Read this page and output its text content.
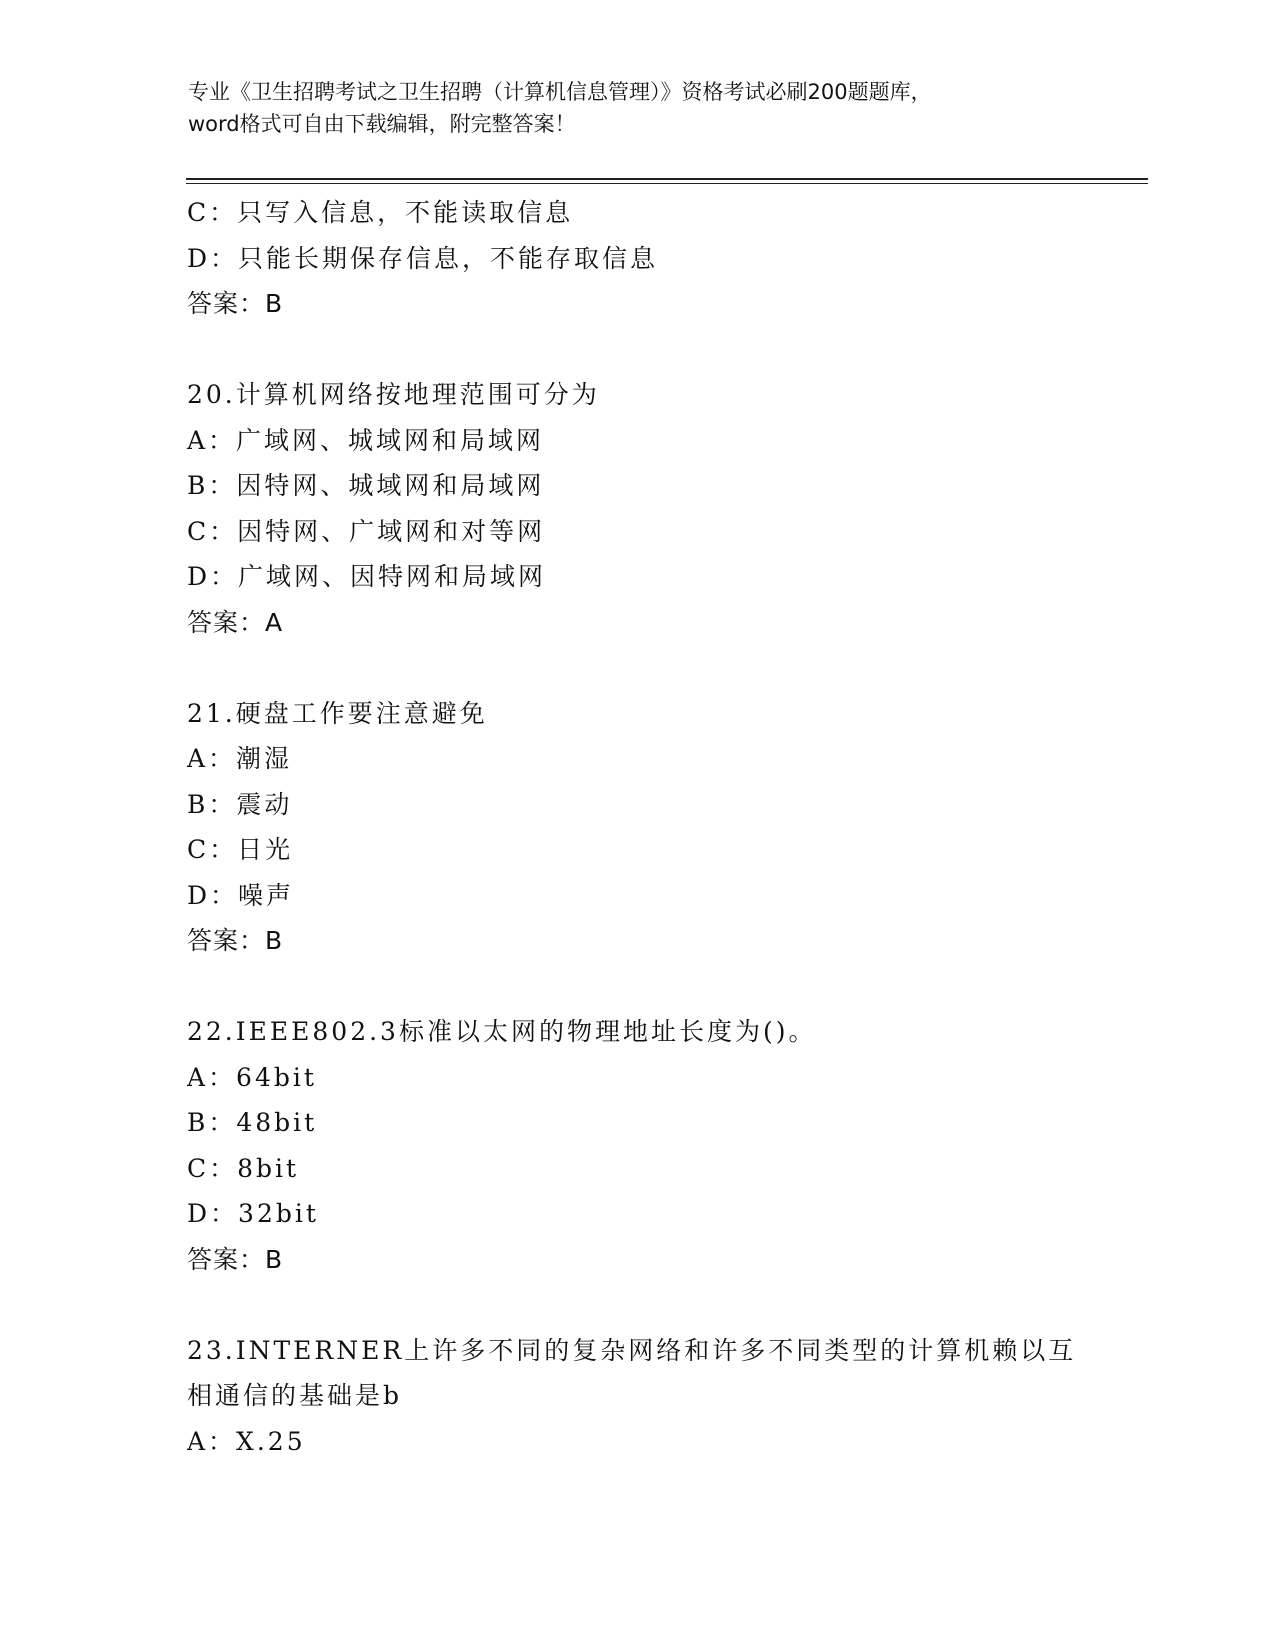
专业《卫生招聘考试之卫生招聘（计算机信息管理）》资格考试必刷200题题库，
word格式可自由下载编辑，附完整答案！
C：只写入信息，不能读取信息
D：只能长期保存信息，不能存取信息
答案：B
20.计算机网络按地理范围可分为
A：广域网、城域网和局域网
B：因特网、城域网和局域网
C：因特网、广域网和对等网
D：广域网、因特网和局域网
答案：A
21.硬盘工作要注意避免
A：潮湿
B：震动
C：日光
D：噪声
答案：B
22.IEEE802.3标准以太网的物理地址长度为()。
A：64bit
B：48bit
C：8bit
D：32bit
答案：B
23.INTERNER上许多不同的复杂网络和许多不同类型的计算机赖以互相通信的基础是b
A：X.25
